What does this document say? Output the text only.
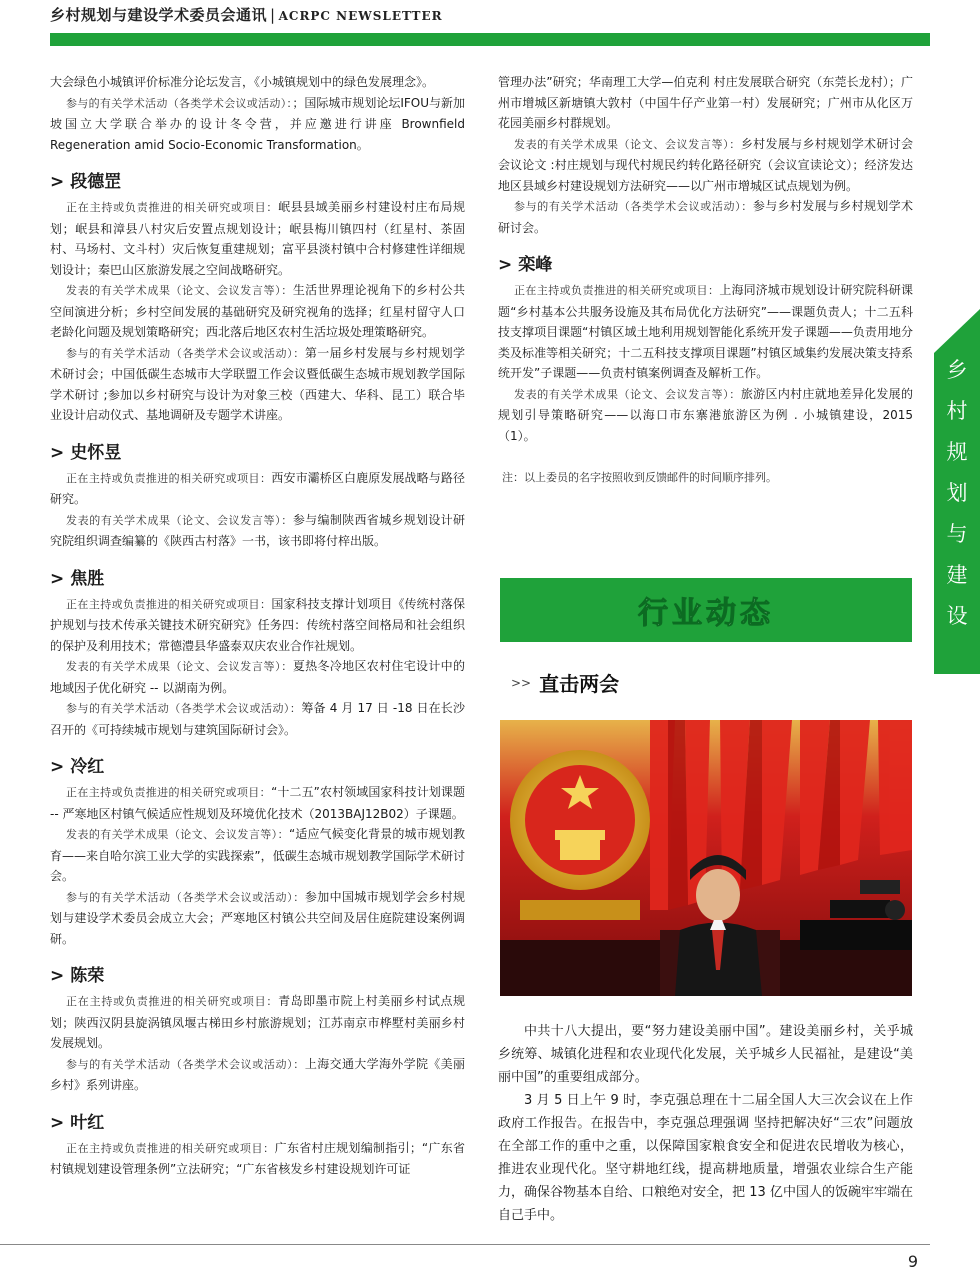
乡村规划与建设学术委员会通讯 | ACRPC NEWSLETTER
乡
村
规
划
与
建
设

大会绿色小城镇评价标准分论坛发言，《小城镇规划中的绿色发展理念》。

参与的有关学术活动（各类学术会议或活动）：；国际城市规划论坛IFOU与新加坡国立大学联合举办的设计冬令营，并应邀进行讲座 Brownfield Regeneration amid Socio-Economic Transformation。

> 段德罡

正在主持或负责推进的相关研究或项目：岷县县域美丽乡村建设村庄布局规划；岷县和漳县八村灾后安置点规划设计；岷县梅川镇四村（红星村、茶固村、马场村、文斗村）灾后恢复重建规划；富平县淡村镇中合村修建性详细规划设计；秦巴山区旅游发展之空间战略研究。

发表的有关学术成果（论文、会议发言等）：生活世界理论视角下的乡村公共空间演进分析；乡村空间发展的基础研究及研究视角的选择；红星村留守人口老龄化问题及规划策略研究；西北落后地区农村生活垃圾处理策略研究。

参与的有关学术活动（各类学术会议或活动）：第一届乡村发展与乡村规划学术研讨会；中国低碳生态城市大学联盟工作会议暨低碳生态城市规划教学国际学术研讨 ;参加以乡村研究与设计为对象三校（西建大、华科、昆工）联合毕业设计启动仪式、基地调研及专题学术讲座。

> 史怀昱

正在主持或负责推进的相关研究或项目：西安市灞桥区白鹿原发展战略与路径研究。

发表的有关学术成果（论文、会议发言等）：参与编制陕西省城乡规划设计研究院组织调查编纂的《陕西古村落》一书，该书即将付梓出版。

> 焦胜

正在主持或负责推进的相关研究或项目：国家科技支撑计划项目《传统村落保护规划与技术传承关键技术研究研究》任务四：传统村落空间格局和社会组织的保护及利用技术；常德澧县华盛泰双庆农业合作社规划。

发表的有关学术成果（论文、会议发言等）：夏热冬冷地区农村住宅设计中的地域因子优化研究 -- 以湖南为例。

参与的有关学术活动（各类学术会议或活动）：筹备 4 月 17 日 -18 日在长沙召开的《可持续城市规划与建筑国际研讨会》。

> 冷红

正在主持或负责推进的相关研究或项目：“十二五”农村领域国家科技计划课题 -- 严寒地区村镇气候适应性规划及环境优化技术（2013BAJ12B02）子课题。

发表的有关学术成果（论文、会议发言等）：“适应气候变化背景的城市规划教育——来自哈尔滨工业大学的实践探索”，低碳生态城市规划教学国际学术研讨会。

参与的有关学术活动（各类学术会议或活动）：参加中国城市规划学会乡村规划与建设学术委员会成立大会；严寒地区村镇公共空间及居住庭院建设案例调研。

> 陈荣

正在主持或负责推进的相关研究或项目：青岛即墨市院上村美丽乡村试点规划；陕西汉阴县旋涡镇凤堰古梯田乡村旅游规划；江苏南京市桦墅村美丽乡村发展规划。

参与的有关学术活动（各类学术会议或活动）：上海交通大学海外学院《美丽乡村》系列讲座。

> 叶红

正在主持或负责推进的相关研究或项目：广东省村庄规划编制指引；“广东省村镇规划建设管理条例”立法研究；“广东省核发乡村建设规划许可证

管理办法”研究；华南理工大学—伯克利 村庄发展联合研究（东莞长龙村）；广州市增城区新塘镇大敦村（中国牛仔产业第一村）发展研究；广州市从化区万花园美丽乡村群规划。

发表的有关学术成果（论文、会议发言等）：乡村发展与乡村规划学术研讨会会议论文 :村庄规划与现代村规民约转化路径研究（会议宣读论文）；经济发达地区县域乡村建设规划方法研究——以广州市增城区试点规划为例。

参与的有关学术活动（各类学术会议或活动）：参与乡村发展与乡村规划学术研讨会。

> 栾峰

正在主持或负责推进的相关研究或项目：上海同济城市规划设计研究院科研课题“乡村基本公共服务设施及其布局优化方法研究”——课题负责人；十二五科技支撑项目课题“村镇区域土地利用规划智能化系统开发子课题——负责用地分类及标准等相关研究；十二五科技支撑项目课题”村镇区域集约发展决策支持系统开发”子课题——负责村镇案例调查及解析工作。

发表的有关学术成果（论文、会议发言等）：旅游区内村庄就地差异化发展的规划引导策略研究——以海口市东寨港旅游区为例 . 小城镇建设，2015（1）。

注：以上委员的名字按照收到反馈邮件的时间顺序排列。

行业动态
>> 直击两会

中共十八大提出，要“努力建设美丽中国”。建设美丽乡村，关乎城乡统筹、城镇化进程和农业现代化发展，关乎城乡人民福祉，是建设“美丽中国”的重要组成部分。

3 月 5 日上午 9 时，李克强总理在十二届全国人大三次会议在上作政府工作报告。在报告中，李克强总理强调 坚持把解决好“三农”问题放在全部工作的重中之重，以保障国家粮食安全和促进农民增收为核心，推进农业现代化。坚守耕地红线，提高耕地质量，增强农业综合生产能力，确保谷物基本自给、口粮绝对安全，把 13 亿中国人的饭碗牢牢端在自己手中。

9
